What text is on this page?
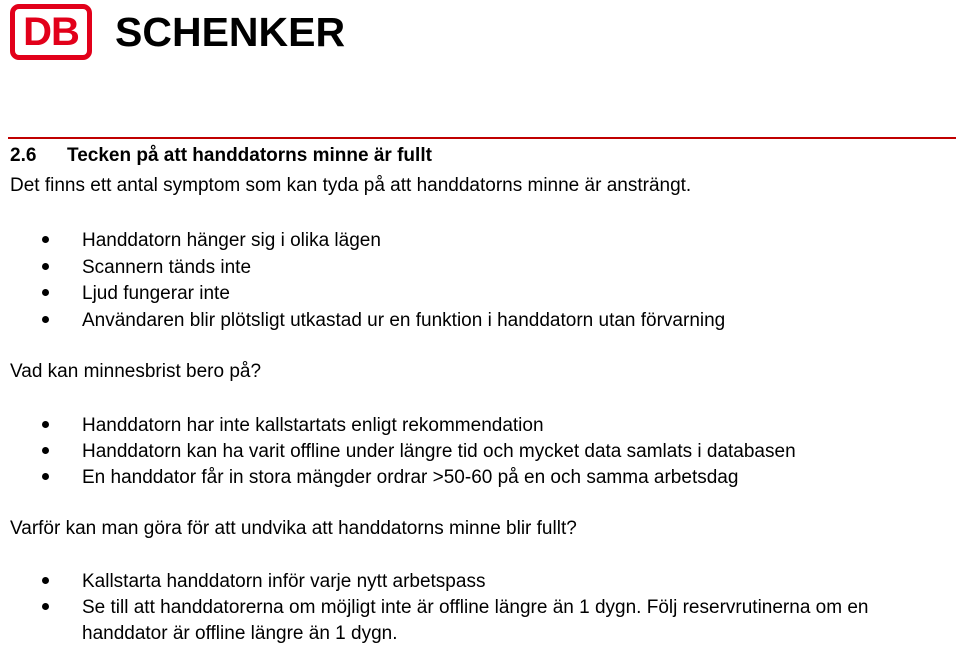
DB SCHENKER
2.6 Tecken på att handdatorns minne är fullt
Det finns ett antal symptom som kan tyda på att handdatorns minne är ansträngt.
Handdatorn hänger sig i olika lägen
Scannern tänds inte
Ljud fungerar inte
Användaren blir plötsligt utkastad ur en funktion i handdatorn utan förvarning
Vad kan minnesbrist bero på?
Handdatorn har inte kallstartats enligt rekommendation
Handdatorn kan ha varit offline under längre tid och mycket data samlats i databasen
En handdator får in stora mängder ordrar >50-60 på en och samma arbetsdag
Varför kan man göra för att undvika att handdatorns minne blir fullt?
Kallstarta handdatorn inför varje nytt arbetspass
Se till att handdatorerna om möjligt inte är offline längre än 1 dygn. Följ reservrutinerna om en handdator är offline längre än 1 dygn.
